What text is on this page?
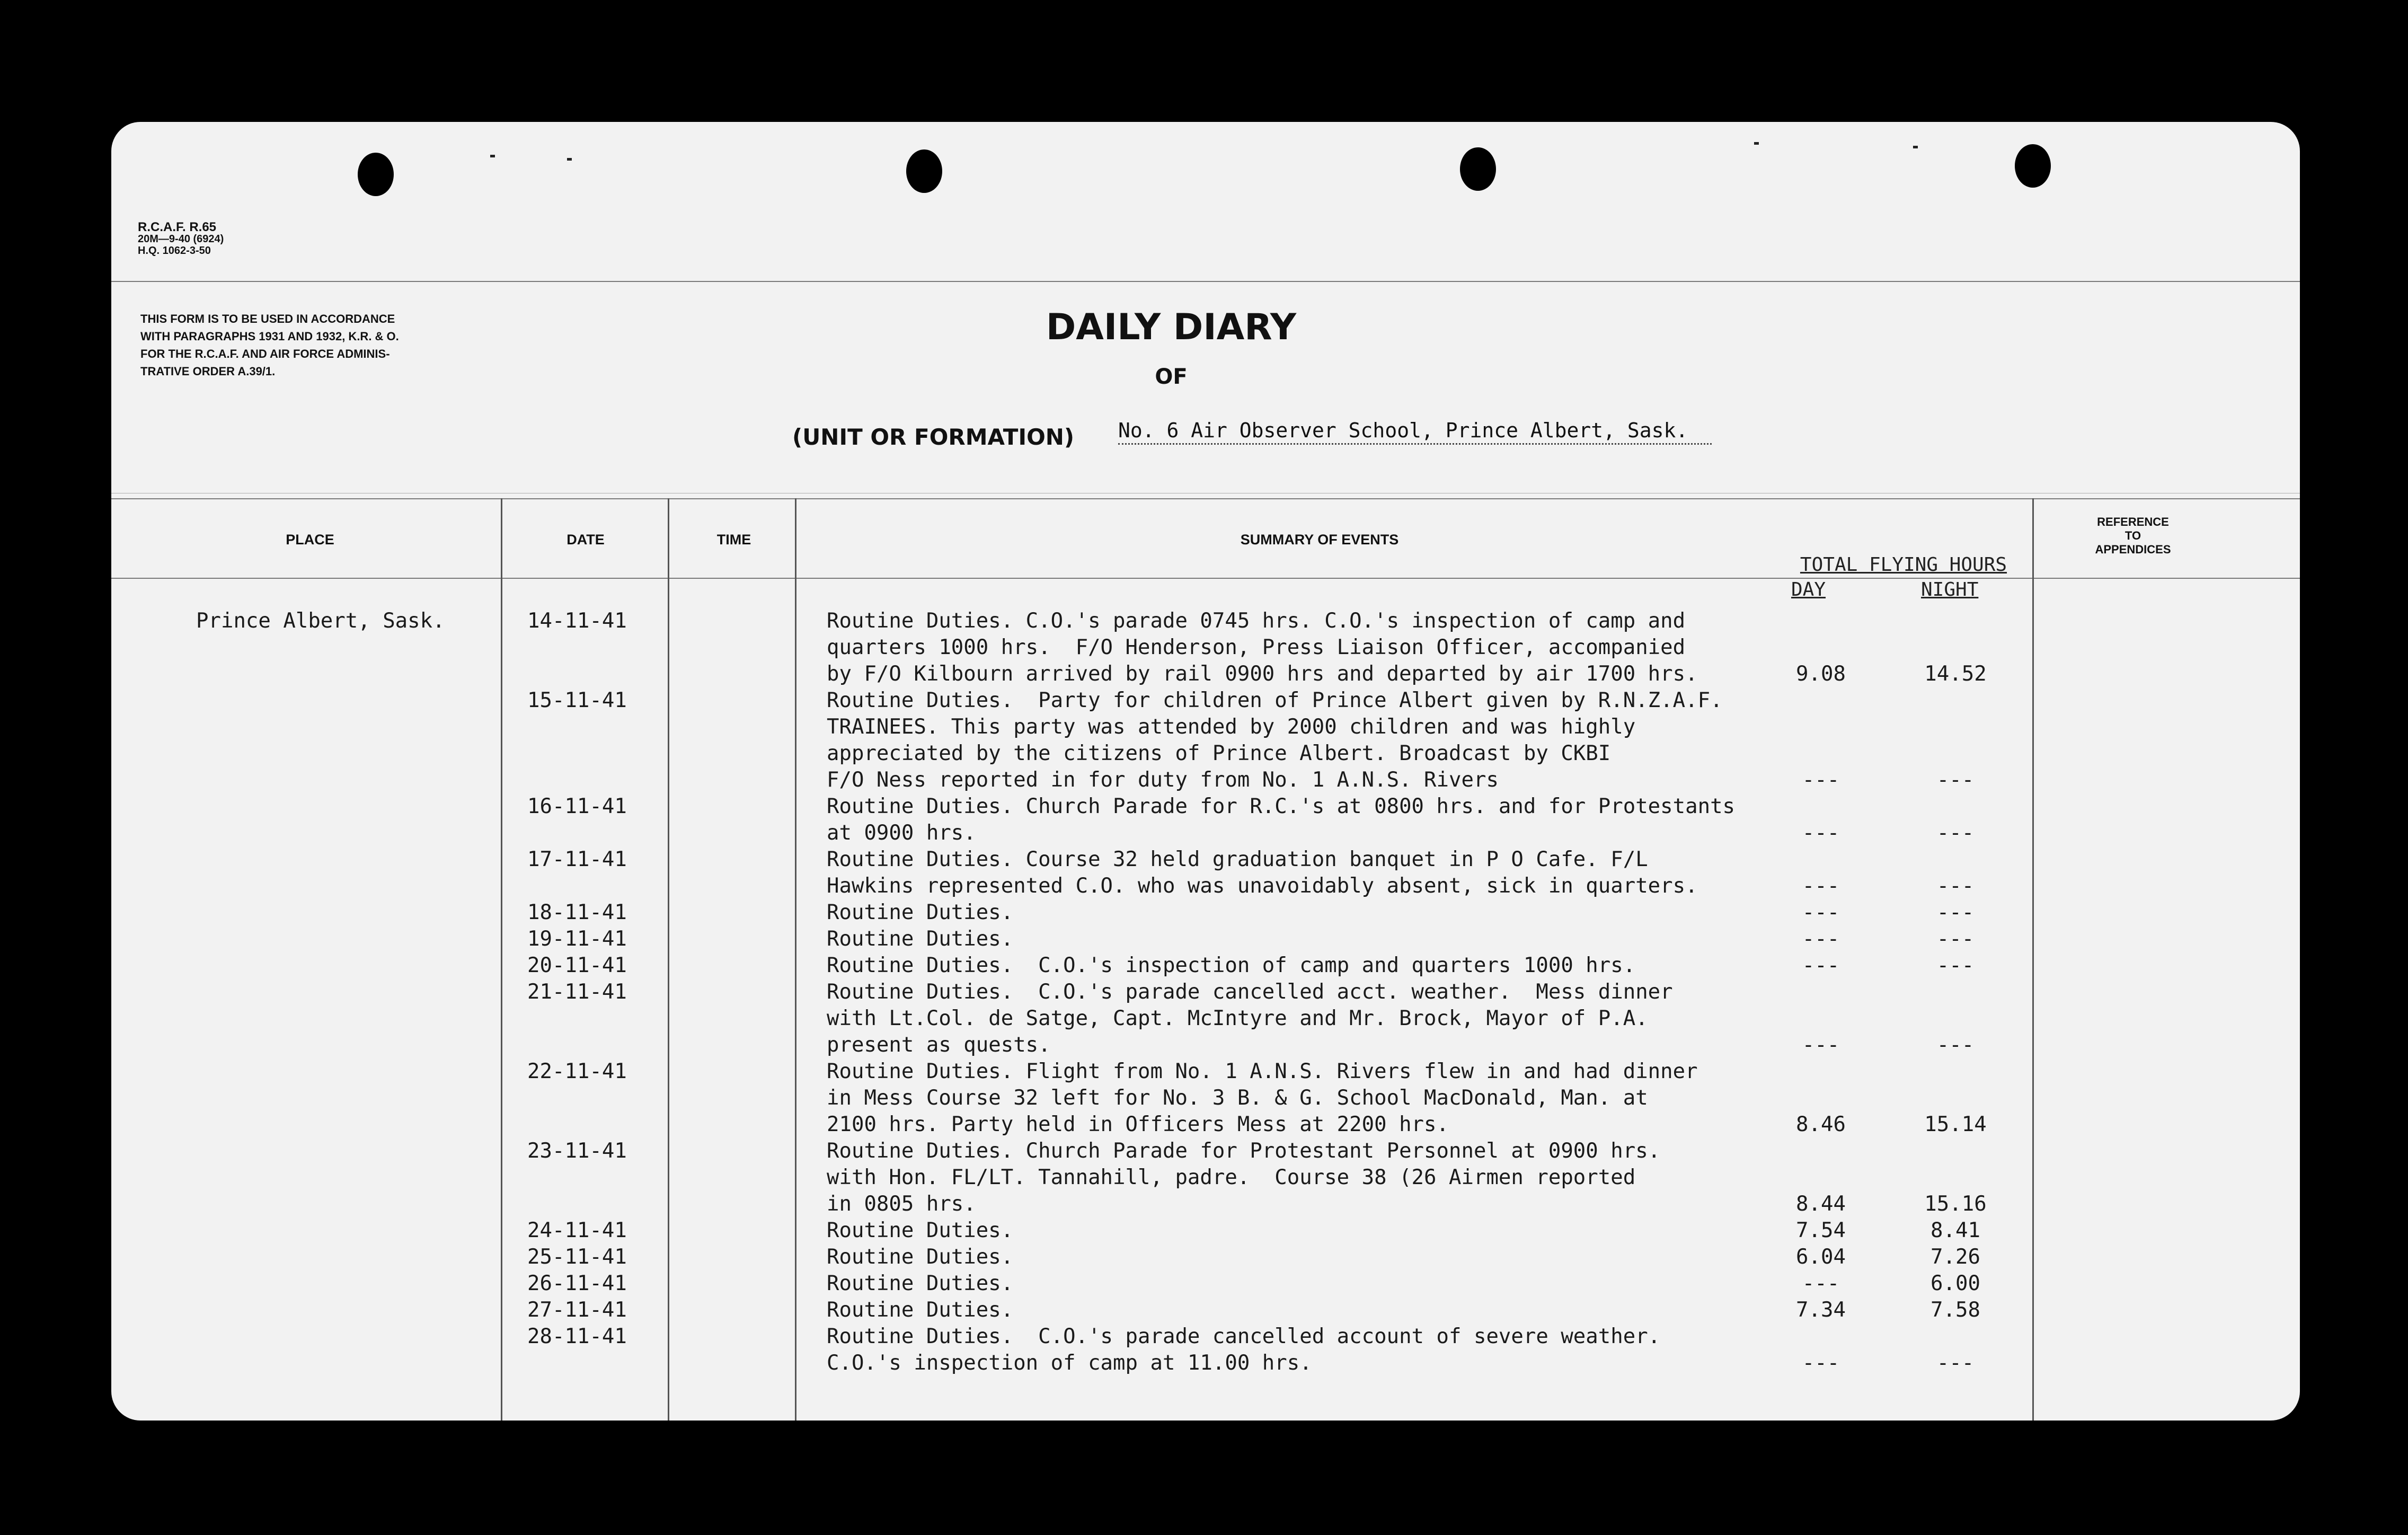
R.C.A.F. R.65
20M—9-40 (6924)
H.Q. 1062-3-50
THIS FORM IS TO BE USED IN ACCORDANCE
WITH PARAGRAPHS 1931 AND 1932, K.R. & O.
FOR THE R.C.A.F. AND AIR FORCE ADMINIS-
TRATIVE ORDER A.39/1.
DAILY DIARY
OF
(UNIT OR FORMATION) No. 6 Air Observer School, Prince Albert, Sask.
PLACE	DATE	TIME	SUMMARY OF EVENTS
REFERENCE
TO
APPENDICES
TOTAL FLYING HOURS
DAY	NIGHT
Prince Albert, Sask.	14-11-41	Routine Duties. C.O.'s parade 0745 hrs. C.O.'s inspection of camp and
quarters 1000 hrs.  F/O Henderson, Press Liaison Officer, accompanied
by F/O Kilbourn arrived by rail 0900 hrs and departed by air 1700 hrs.	9.08	14.52
15-11-41	Routine Duties.  Party for children of Prince Albert given by R.N.Z.A.F.
TRAINEES. This party was attended by 2000 children and was highly
appreciated by the citizens of Prince Albert. Broadcast by CKBI
F/O Ness reported in for duty from No. 1 A.N.S. Rivers	---	---
16-11-41	Routine Duties. Church Parade for R.C.'s at 0800 hrs. and for Protestants
at 0900 hrs.	---	---
17-11-41	Routine Duties. Course 32 held graduation banquet in P O Cafe. F/L
Hawkins represented C.O. who was unavoidably absent, sick in quarters.	---	---
18-11-41	Routine Duties.	---	---
19-11-41	Routine Duties.	---	---
20-11-41	Routine Duties.  C.O.'s inspection of camp and quarters 1000 hrs.	---	---
21-11-41	Routine Duties.  C.O.'s parade cancelled acct. weather.  Mess dinner
with Lt.Col. de Satge, Capt. McIntyre and Mr. Brock, Mayor of P.A.
present as quests.	---	---
22-11-41	Routine Duties. Flight from No. 1 A.N.S. Rivers flew in and had dinner
in Mess Course 32 left for No. 3 B. & G. School MacDonald, Man. at
2100 hrs. Party held in Officers Mess at 2200 hrs.	8.46	15.14
23-11-41	Routine Duties. Church Parade for Protestant Personnel at 0900 hrs.
with Hon. FL/LT. Tannahill, padre.  Course 38 (26 Airmen reported
in 0805 hrs.	8.44	15.16
24-11-41	Routine Duties.	7.54	8.41
25-11-41	Routine Duties.	6.04	7.26
26-11-41	Routine Duties.	---	6.00
27-11-41	Routine Duties.	7.34	7.58
28-11-41	Routine Duties.  C.O.'s parade cancelled account of severe weather.
C.O.'s inspection of camp at 11.00 hrs.	---	---
